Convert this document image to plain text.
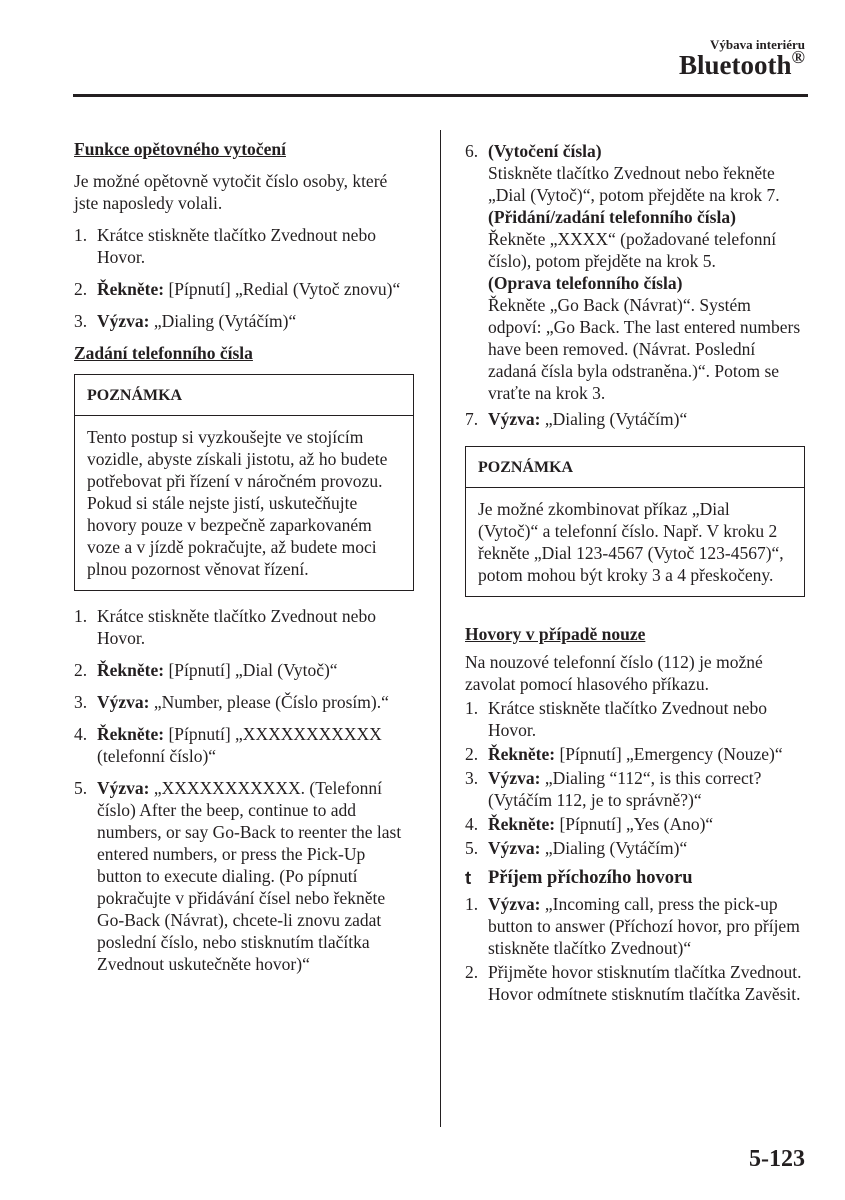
Výbava interiéru
Bluetooth®
Funkce opětovného vytočení

Je možné opětovně vytočit číslo osoby, které jste naposledy volali.

1. Krátce stiskněte tlačítko Zvednout nebo Hovor.
2. Řekněte: [Pípnutí] „Redial (Vytoč znovu)“
3. Výzva: „Dialing (Vytáčím)“
Zadání telefonního čísla
POZNÁMKA
Tento postup si vyzkoušejte ve stojícím vozidle, abyste získali jistotu, až ho budete potřebovat při řízení v náročném provozu. Pokud si stále nejste jistí, uskutečňujte hovory pouze v bezpečně zaparkovaném voze a v jízdě pokračujte, až budete moci plnou pozornost věnovat řízení.
1. Krátce stiskněte tlačítko Zvednout nebo Hovor.
2. Řekněte: [Pípnutí] „Dial (Vytoč)“
3. Výzva: „Number, please (Číslo prosím).“
4. Řekněte: [Pípnutí] „XXXXXXXXXXX (telefonní číslo)“
5. Výzva: „XXXXXXXXXXX. (Telefonní číslo) After the beep, continue to add numbers, or say Go-Back to reenter the last entered numbers, or press the Pick-Up button to execute dialing. (Po pípnutí pokračujte v přidávání čísel nebo řekněte Go-Back (Návrat), chcete-li znovu zadat poslední číslo, nebo stisknutím tlačítka Zvednout uskutečněte hovor)“
6. (Vytočení čísla)
Stiskněte tlačítko Zvednout nebo řekněte „Dial (Vytoč)“, potom přejděte na krok 7.
(Přidání/zadání telefonního čísla)
Řekněte „XXXX“ (požadované telefonní číslo), potom přejděte na krok 5.
(Oprava telefonního čísla)
Řekněte „Go Back (Návrat)“. Systém odpoví: „Go Back. The last entered numbers have been removed. (Návrat. Poslední zadaná čísla byla odstraněna.)“. Potom se vraťte na krok 3.
7. Výzva: „Dialing (Vytáčím)“
POZNÁMKA
Je možné zkombinovat příkaz „Dial (Vytoč)“ a telefonní číslo. Např. V kroku 2 řekněte „Dial 123-4567 (Vytoč 123-4567)“, potom mohou být kroky 3 a 4 přeskočeny.
Hovory v případě nouze

Na nouzové telefonní číslo (112) je možné zavolat pomocí hlasového příkazu.

1. Krátce stiskněte tlačítko Zvednout nebo Hovor.
2. Řekněte: [Pípnutí] „Emergency (Nouze)“
3. Výzva: „Dialing “112“, is this correct? (Vytáčím 112, je to správně?)“
4. Řekněte: [Pípnutí] „Yes (Ano)“
5. Výzva: „Dialing (Vytáčím)“
t Příjem příchozího hovoru
1. Výzva: „Incoming call, press the pick-up button to answer (Příchozí hovor, pro příjem stiskněte tlačítko Zvednout)“
2. Přijměte hovor stisknutím tlačítka Zvednout.
Hovor odmítnete stisknutím tlačítka Zavěsit.
5-123
